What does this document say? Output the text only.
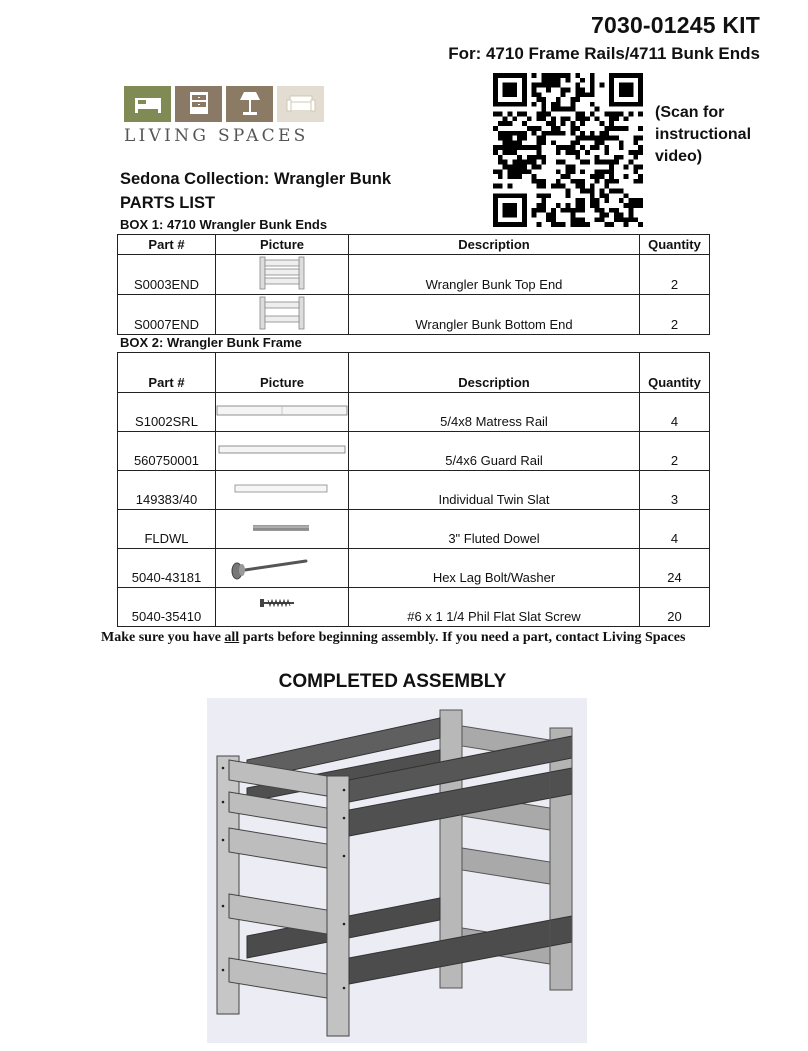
7030-01245 KIT
For: 4710 Frame Rails/4711 Bunk Ends
LIVING SPACES
(Scan for
instructional
video)
Sedona Collection: Wrangler Bunk
PARTS LIST
BOX 1: 4710 Wrangler Bunk Ends
Part #	Picture	Description	Quantity
S0003END		Wrangler Bunk Top End	2
S0007END		Wrangler Bunk Bottom End	2
BOX 2: Wrangler Bunk Frame
Part #	Picture	Description	Quantity
S1002SRL		5/4x8 Matress Rail	4
560750001		5/4x6 Guard Rail	2
149383/40		Individual Twin Slat	3
FLDWL		3" Fluted Dowel	4
5040-43181		Hex Lag Bolt/Washer	24
5040-35410		#6 x 1 1/4 Phil Flat Slat Screw	20
Make sure you have all parts before beginning assembly. If you need a part, contact Living Spaces
COMPLETED ASSEMBLY
